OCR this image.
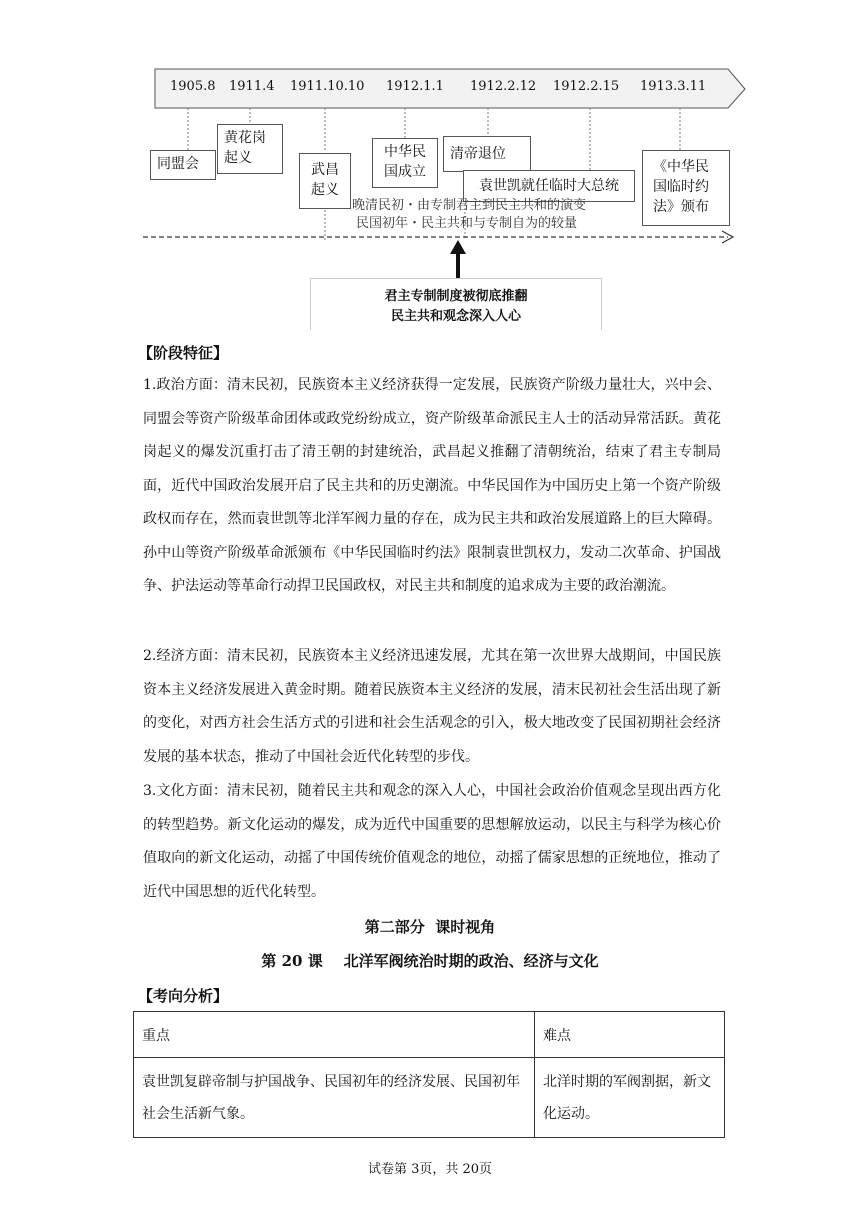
1905.8 1911.4 1911.10.10 1912.1.1 1912.2.12 1912.2.15 1913.3.11
同盟会
黄花岗起义
武昌起义
中华民国成立
清帝退位
袁世凯就任临时大总统
《中华民国临时约法》颁布
晚清民初・由专制君主到民主共和的演变
民国初年・民主共和与专制自为的较量
君主专制制度被彻底推翻
民主共和观念深入人心
【阶段特征】

1.政治方面：清末民初，民族资本主义经济获得一定发展，民族资产阶级力量壮大，兴中会、同盟会等资产阶级革命团体或政党纷纷成立，资产阶级革命派民主人士的活动异常活跃。黄花岗起义的爆发沉重打击了清王朝的封建统治，武昌起义推翻了清朝统治，结束了君主专制局面，近代中国政治发展开启了民主共和的历史潮流。中华民国作为中国历史上第一个资产阶级政权而存在，然而袁世凯等北洋军阀力量的存在，成为民主共和政治发展道路上的巨大障碍。孙中山等资产阶级革命派颁布《中华民国临时约法》限制袁世凯权力，发动二次革命、护国战争、护法运动等革命行动捍卫民国政权，对民主共和制度的追求成为主要的政治潮流。

2.经济方面：清末民初，民族资本主义经济迅速发展，尤其在第一次世界大战期间，中国民族资本主义经济发展进入黄金时期。随着民族资本主义经济的发展，清末民初社会生活出现了新的变化，对西方社会生活方式的引进和社会生活观念的引入，极大地改变了民国初期社会经济发展的基本状态，推动了中国社会近代化转型的步伐。

3.文化方面：清末民初，随着民主共和观念的深入人心，中国社会政治价值观念呈现出西方化的转型趋势。新文化运动的爆发，成为近代中国重要的思想解放运动，以民主与科学为核心价值取向的新文化运动，动摇了中国传统价值观念的地位，动摇了儒家思想的正统地位，推动了近代中国思想的近代化转型。

第二部分  课时视角
第 20 课    北洋军阀统治时期的政治、经济与文化
【考向分析】
重点	难点
袁世凯复辟帝制与护国战争、民国初年的经济发展、民国初年社会生活新气象。	北洋时期的军阀割据，新文化运动。
试卷第 3页，共 20页
